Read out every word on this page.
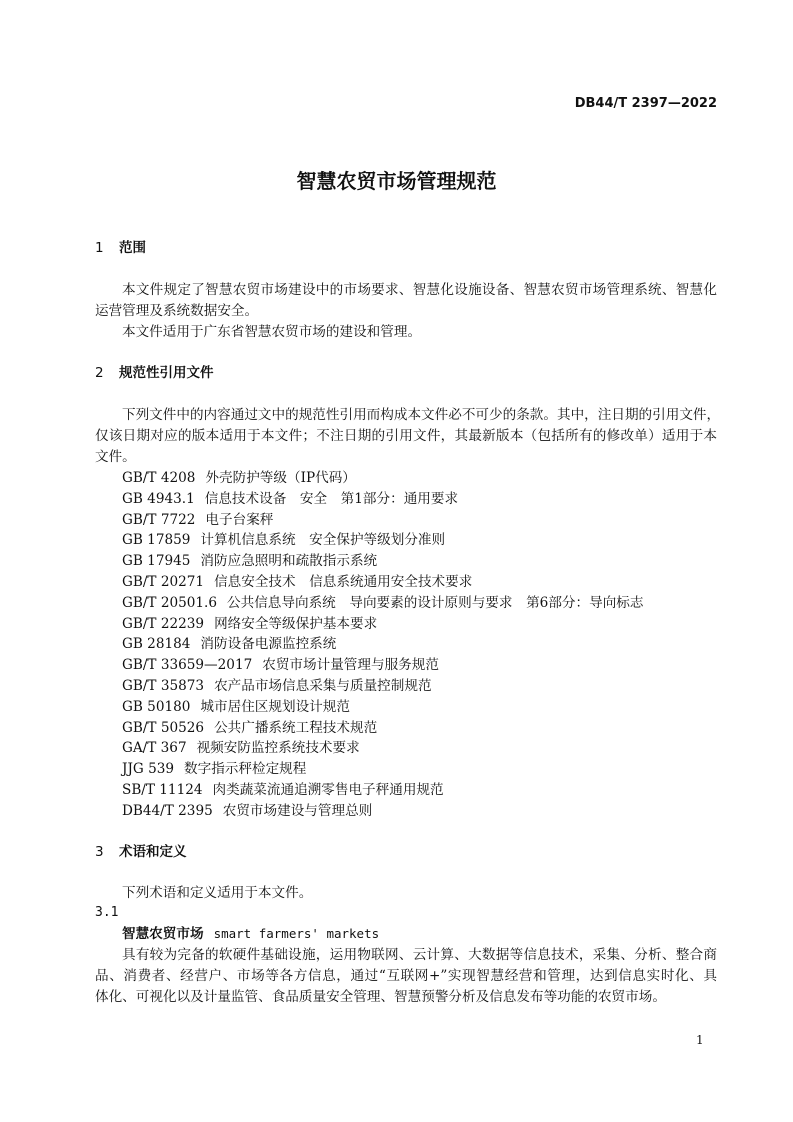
DB44/T 2397—2022
智慧农贸市场管理规范
1 范围
本文件规定了智慧农贸市场建设中的市场要求、智慧化设施设备、智慧农贸市场管理系统、智慧化
运营管理及系统数据安全。
本文件适用于广东省智慧农贸市场的建设和管理。
2 规范性引用文件
下列文件中的内容通过文中的规范性引用而构成本文件必不可少的条款。其中，注日期的引用文件，
仅该日期对应的版本适用于本文件；不注日期的引用文件，其最新版本（包括所有的修改单）适用于本
文件。
GB/T 4208 外壳防护等级（IP代码）
GB 4943.1 信息技术设备　安全　第1部分：通用要求
GB/T 7722 电子台案秤
GB 17859 计算机信息系统　安全保护等级划分准则
GB 17945 消防应急照明和疏散指示系统
GB/T 20271 信息安全技术　信息系统通用安全技术要求
GB/T 20501.6 公共信息导向系统　导向要素的设计原则与要求　第6部分：导向标志
GB/T 22239 网络安全等级保护基本要求
GB 28184 消防设备电源监控系统
GB/T 33659—2017 农贸市场计量管理与服务规范
GB/T 35873 农产品市场信息采集与质量控制规范
GB 50180 城市居住区规划设计规范
GB/T 50526 公共广播系统工程技术规范
GA/T 367 视频安防监控系统技术要求
JJG 539 数字指示秤检定规程
SB/T 11124 肉类蔬菜流通追溯零售电子秤通用规范
DB44/T 2395 农贸市场建设与管理总则
3 术语和定义
下列术语和定义适用于本文件。
3.1
智慧农贸市场 smart farmers' markets
具有较为完备的软硬件基础设施，运用物联网、云计算、大数据等信息技术，采集、分析、整合商
品、消费者、经营户、市场等各方信息，通过“互联网+”实现智慧经营和管理，达到信息实时化、具
体化、可视化以及计量监管、食品质量安全管理、智慧预警分析及信息发布等功能的农贸市场。
1
